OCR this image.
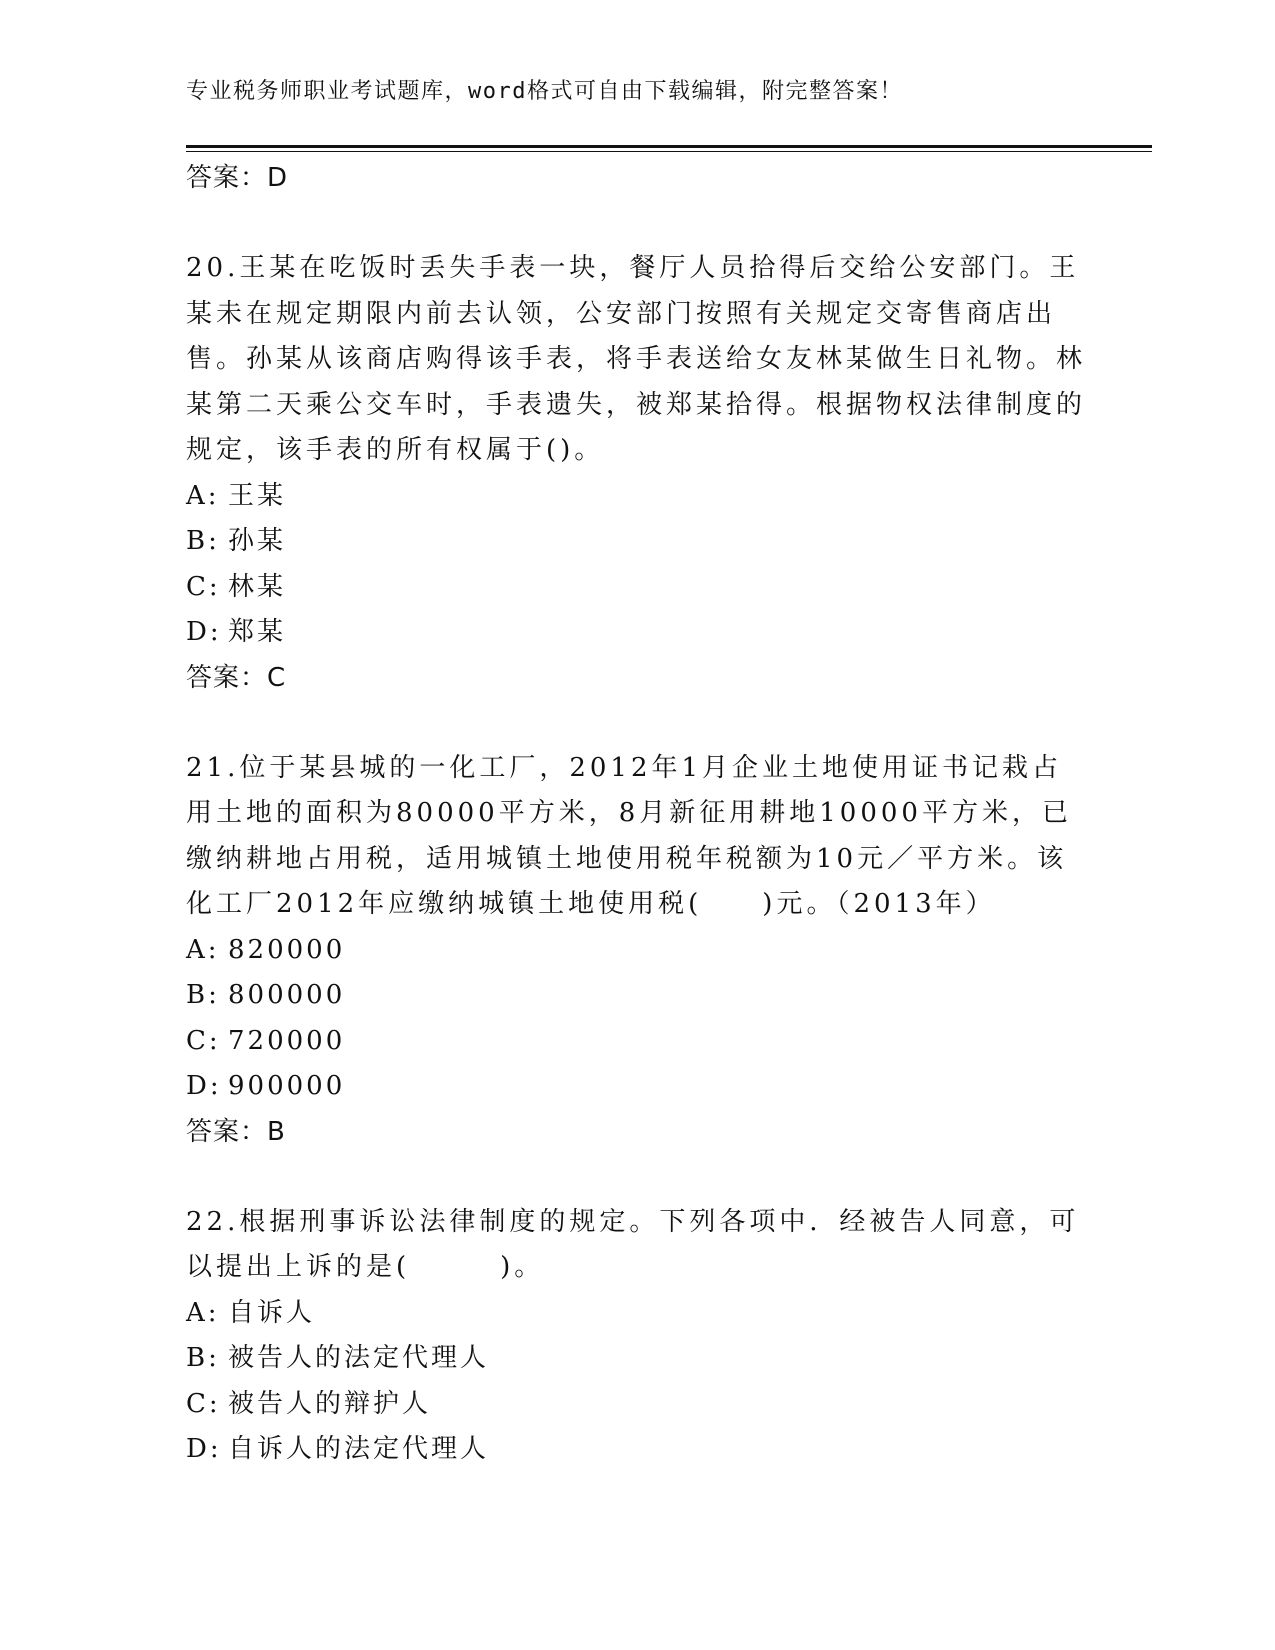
专业税务师职业考试题库，word格式可自由下载编辑，附完整答案！
答案：D
20.王某在吃饭时丢失手表一块，餐厅人员拾得后交给公安部门。王某未在规定期限内前去认领，公安部门按照有关规定交寄售商店出售。孙某从该商店购得该手表，将手表送给女友林某做生日礼物。林某第二天乘公交车时，手表遗失，被郑某拾得。根据物权法律制度的规定，该手表的所有权属于()。
A: 王某
B: 孙某
C: 林某
D: 郑某
答案：C
21.位于某县城的一化工厂，2012年1月企业土地使用证书记栽占用土地的面积为80000平方米，8月新征用耕地10000平方米，已缴纳耕地占用税，适用城镇土地使用税年税额为10元／平方米。该化工厂2012年应缴纳城镇土地使用税(　　)元。（2013年）
A: 820000
B: 800000
C: 720000
D: 900000
答案：B
22.根据刑事诉讼法律制度的规定。下列各项中．经被告人同意，可以提出上诉的是(　　　)。
A: 自诉人
B: 被告人的法定代理人
C: 被告人的辩护人
D: 自诉人的法定代理人
